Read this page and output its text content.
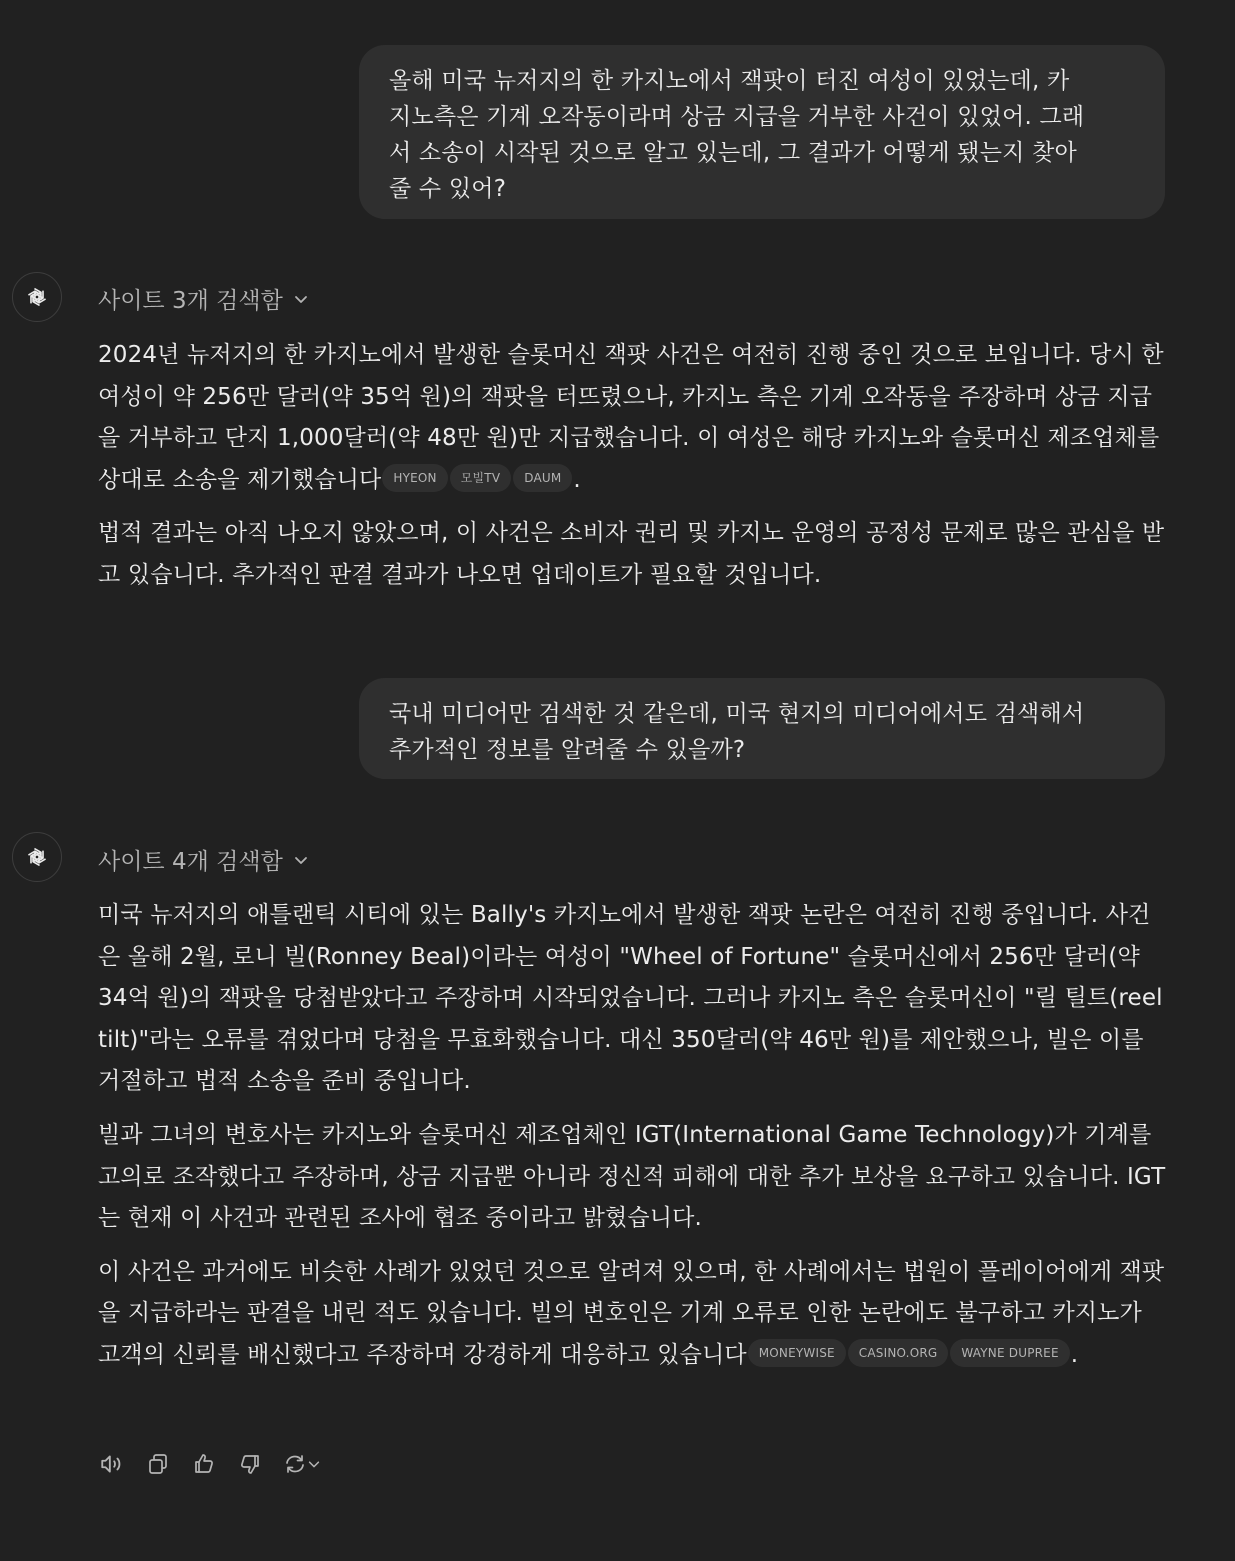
올해 미국 뉴저지의 한 카지노에서 잭팟이 터진 여성이 있었는데, 카
지노측은 기계 오작동이라며 상금 지급을 거부한 사건이 있었어. 그래
서 소송이 시작된 것으로 알고 있는데, 그 결과가 어떻게 됐는지 찾아
줄 수 있어?
사이트 3개 검색함

2024년 뉴저지의 한 카지노에서 발생한 슬롯머신 잭팟 사건은 여전히 진행 중인 것으로 보입니다. 당시 한 여성이 약 256만 달러(약 35억 원)의 잭팟을 터뜨렸으나, 카지노 측은 기계 오작동을 주장하며 상금 지급을 거부하고 단지 1,000달러(약 48만 원)만 지급했습니다. 이 여성은 해당 카지노와 슬롯머신 제조업체를 상대로 소송을 제기했습니다 HYEON 모빌TV DAUM .

법적 결과는 아직 나오지 않았으며, 이 사건은 소비자 권리 및 카지노 운영의 공정성 문제로 많은 관심을 받고 있습니다. 추가적인 판결 결과가 나오면 업데이트가 필요할 것입니다.

국내 미디어만 검색한 것 같은데, 미국 현지의 미디어에서도 검색해서
추가적인 정보를 알려줄 수 있을까?
사이트 4개 검색함

미국 뉴저지의 애틀랜틱 시티에 있는 Bally's 카지노에서 발생한 잭팟 논란은 여전히 진행 중입니다. 사건은 올해 2월, 로니 빌(Ronney Beal)이라는 여성이 "Wheel of Fortune" 슬롯머신에서 256만 달러(약 34억 원)의 잭팟을 당첨받았다고 주장하며 시작되었습니다. 그러나 카지노 측은 슬롯머신이 "릴 틸트(reel tilt)"라는 오류를 겪었다며 당첨을 무효화했습니다. 대신 350달러(약 46만 원)를 제안했으나, 빌은 이를 거절하고 법적 소송을 준비 중입니다.

빌과 그녀의 변호사는 카지노와 슬롯머신 제조업체인 IGT(International Game Technology)가 기계를 고의로 조작했다고 주장하며, 상금 지급뿐 아니라 정신적 피해에 대한 추가 보상을 요구하고 있습니다. IGT는 현재 이 사건과 관련된 조사에 협조 중이라고 밝혔습니다.

이 사건은 과거에도 비슷한 사례가 있었던 것으로 알려져 있으며, 한 사례에서는 법원이 플레이어에게 잭팟을 지급하라는 판결을 내린 적도 있습니다. 빌의 변호인은 기계 오류로 인한 논란에도 불구하고 카지노가 고객의 신뢰를 배신했다고 주장하며 강경하게 대응하고 있습니다 MONEYWISE CASINO.ORG WAYNE DUPREE .
